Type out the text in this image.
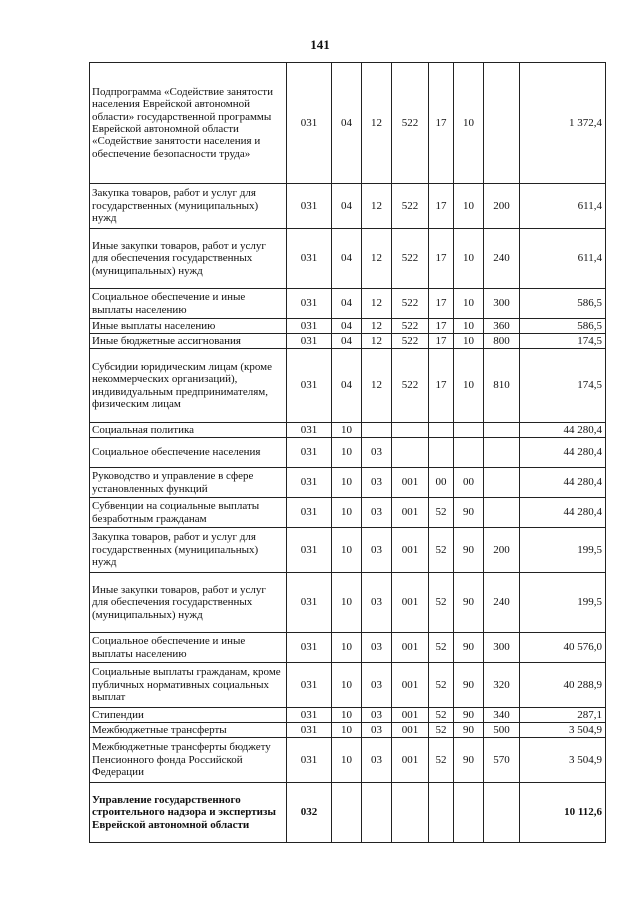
141
Подпрограмма «Содействие занятости населения Еврейской автономной области» государственной программы Еврейской автономной области «Содействие занятости населения и обеспечение безопасности труда»	031	04	12	522	17	10		1 372,4
Закупка товаров, работ и услуг для государственных (муниципальных) нужд	031	04	12	522	17	10	200	611,4
Иные закупки товаров, работ и услуг для обеспечения государственных (муниципальных) нужд	031	04	12	522	17	10	240	611,4
Социальное обеспечение и иные выплаты населению	031	04	12	522	17	10	300	586,5
Иные выплаты населению	031	04	12	522	17	10	360	586,5
Иные бюджетные ассигнования	031	04	12	522	17	10	800	174,5
Субсидии юридическим лицам (кроме некоммерческих организаций), индивидуальным предпринимателям, физическим лицам	031	04	12	522	17	10	810	174,5
Социальная политика	031	10						44 280,4
Социальное обеспечение населения	031	10	03					44 280,4
Руководство и управление в сфере установленных функций	031	10	03	001	00	00		44 280,4
Субвенции на социальные выплаты безработным гражданам	031	10	03	001	52	90		44 280,4
Закупка товаров, работ и услуг для государственных (муниципальных) нужд	031	10	03	001	52	90	200	199,5
Иные закупки товаров, работ и услуг для обеспечения государственных (муниципальных) нужд	031	10	03	001	52	90	240	199,5
Социальное обеспечение и иные выплаты населению	031	10	03	001	52	90	300	40 576,0
Социальные выплаты гражданам, кроме публичных нормативных социальных выплат	031	10	03	001	52	90	320	40 288,9
Стипендии	031	10	03	001	52	90	340	287,1
Межбюджетные трансферты	031	10	03	001	52	90	500	3 504,9
Межбюджетные трансферты бюджету Пенсионного фонда Российской Федерации	031	10	03	001	52	90	570	3 504,9
Управление государственного строительного надзора и экспертизы Еврейской автономной области	032							10 112,6
